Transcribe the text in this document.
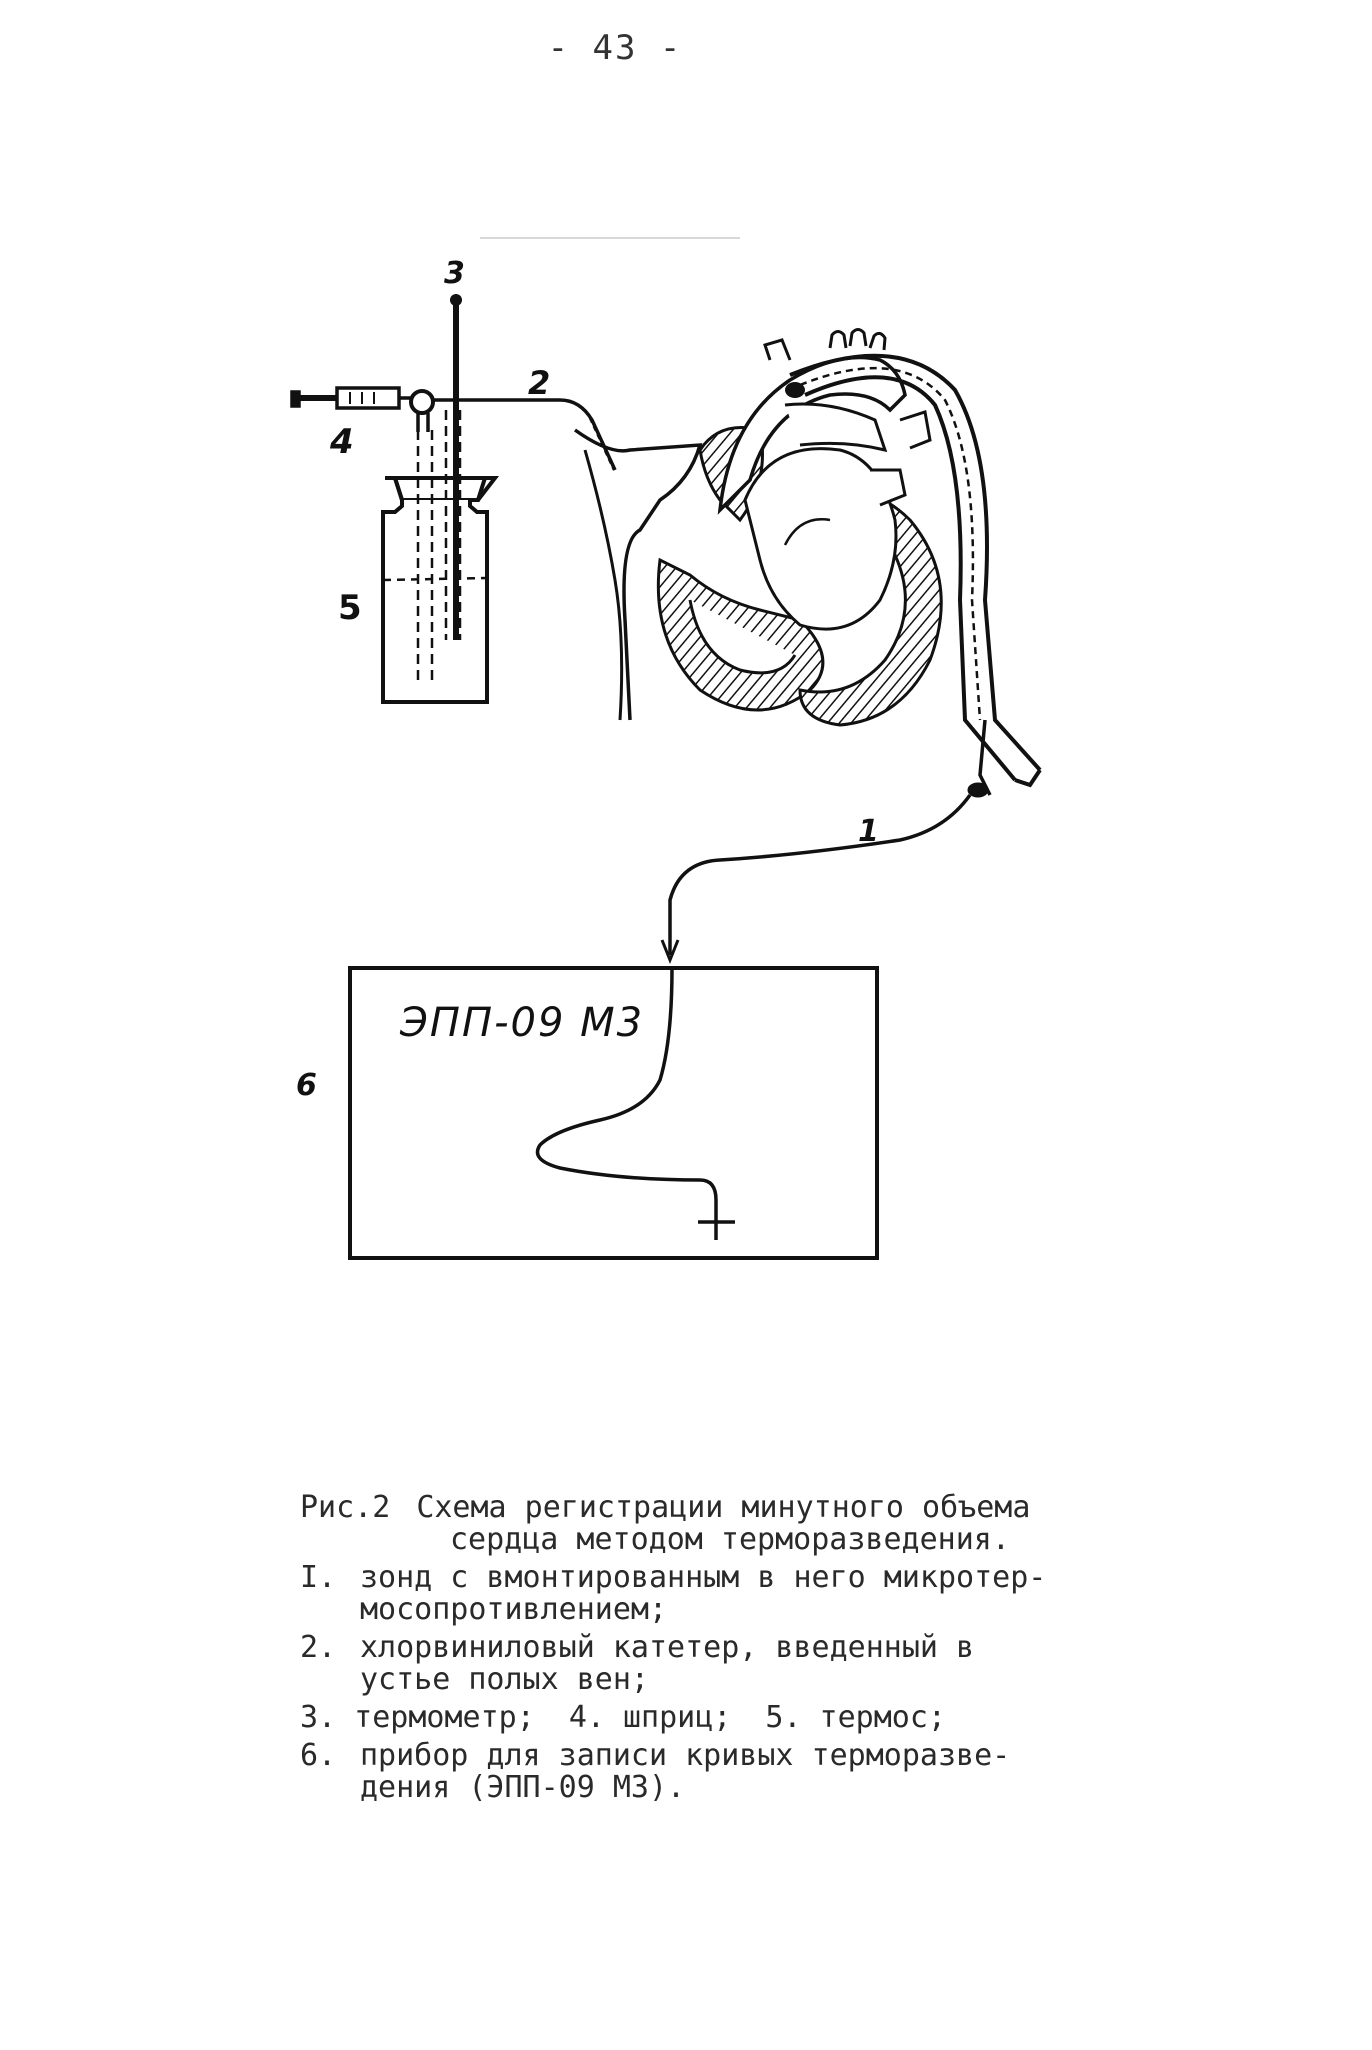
- 43 -
3
2
4
5
1
6
ЭПП-09 М3
Рис.2 Схема регистрации минутного объема
сердца методом терморазведения.
I. зонд с вмонтированным в него микротер-
мосопротивлением;
2. хлорвиниловый катетер, введенный в
устье полых вен;
3. термометр; 4. шприц; 5. термос;
6. прибор для записи кривых терморазве-
дения (ЭПП-09 М3).
